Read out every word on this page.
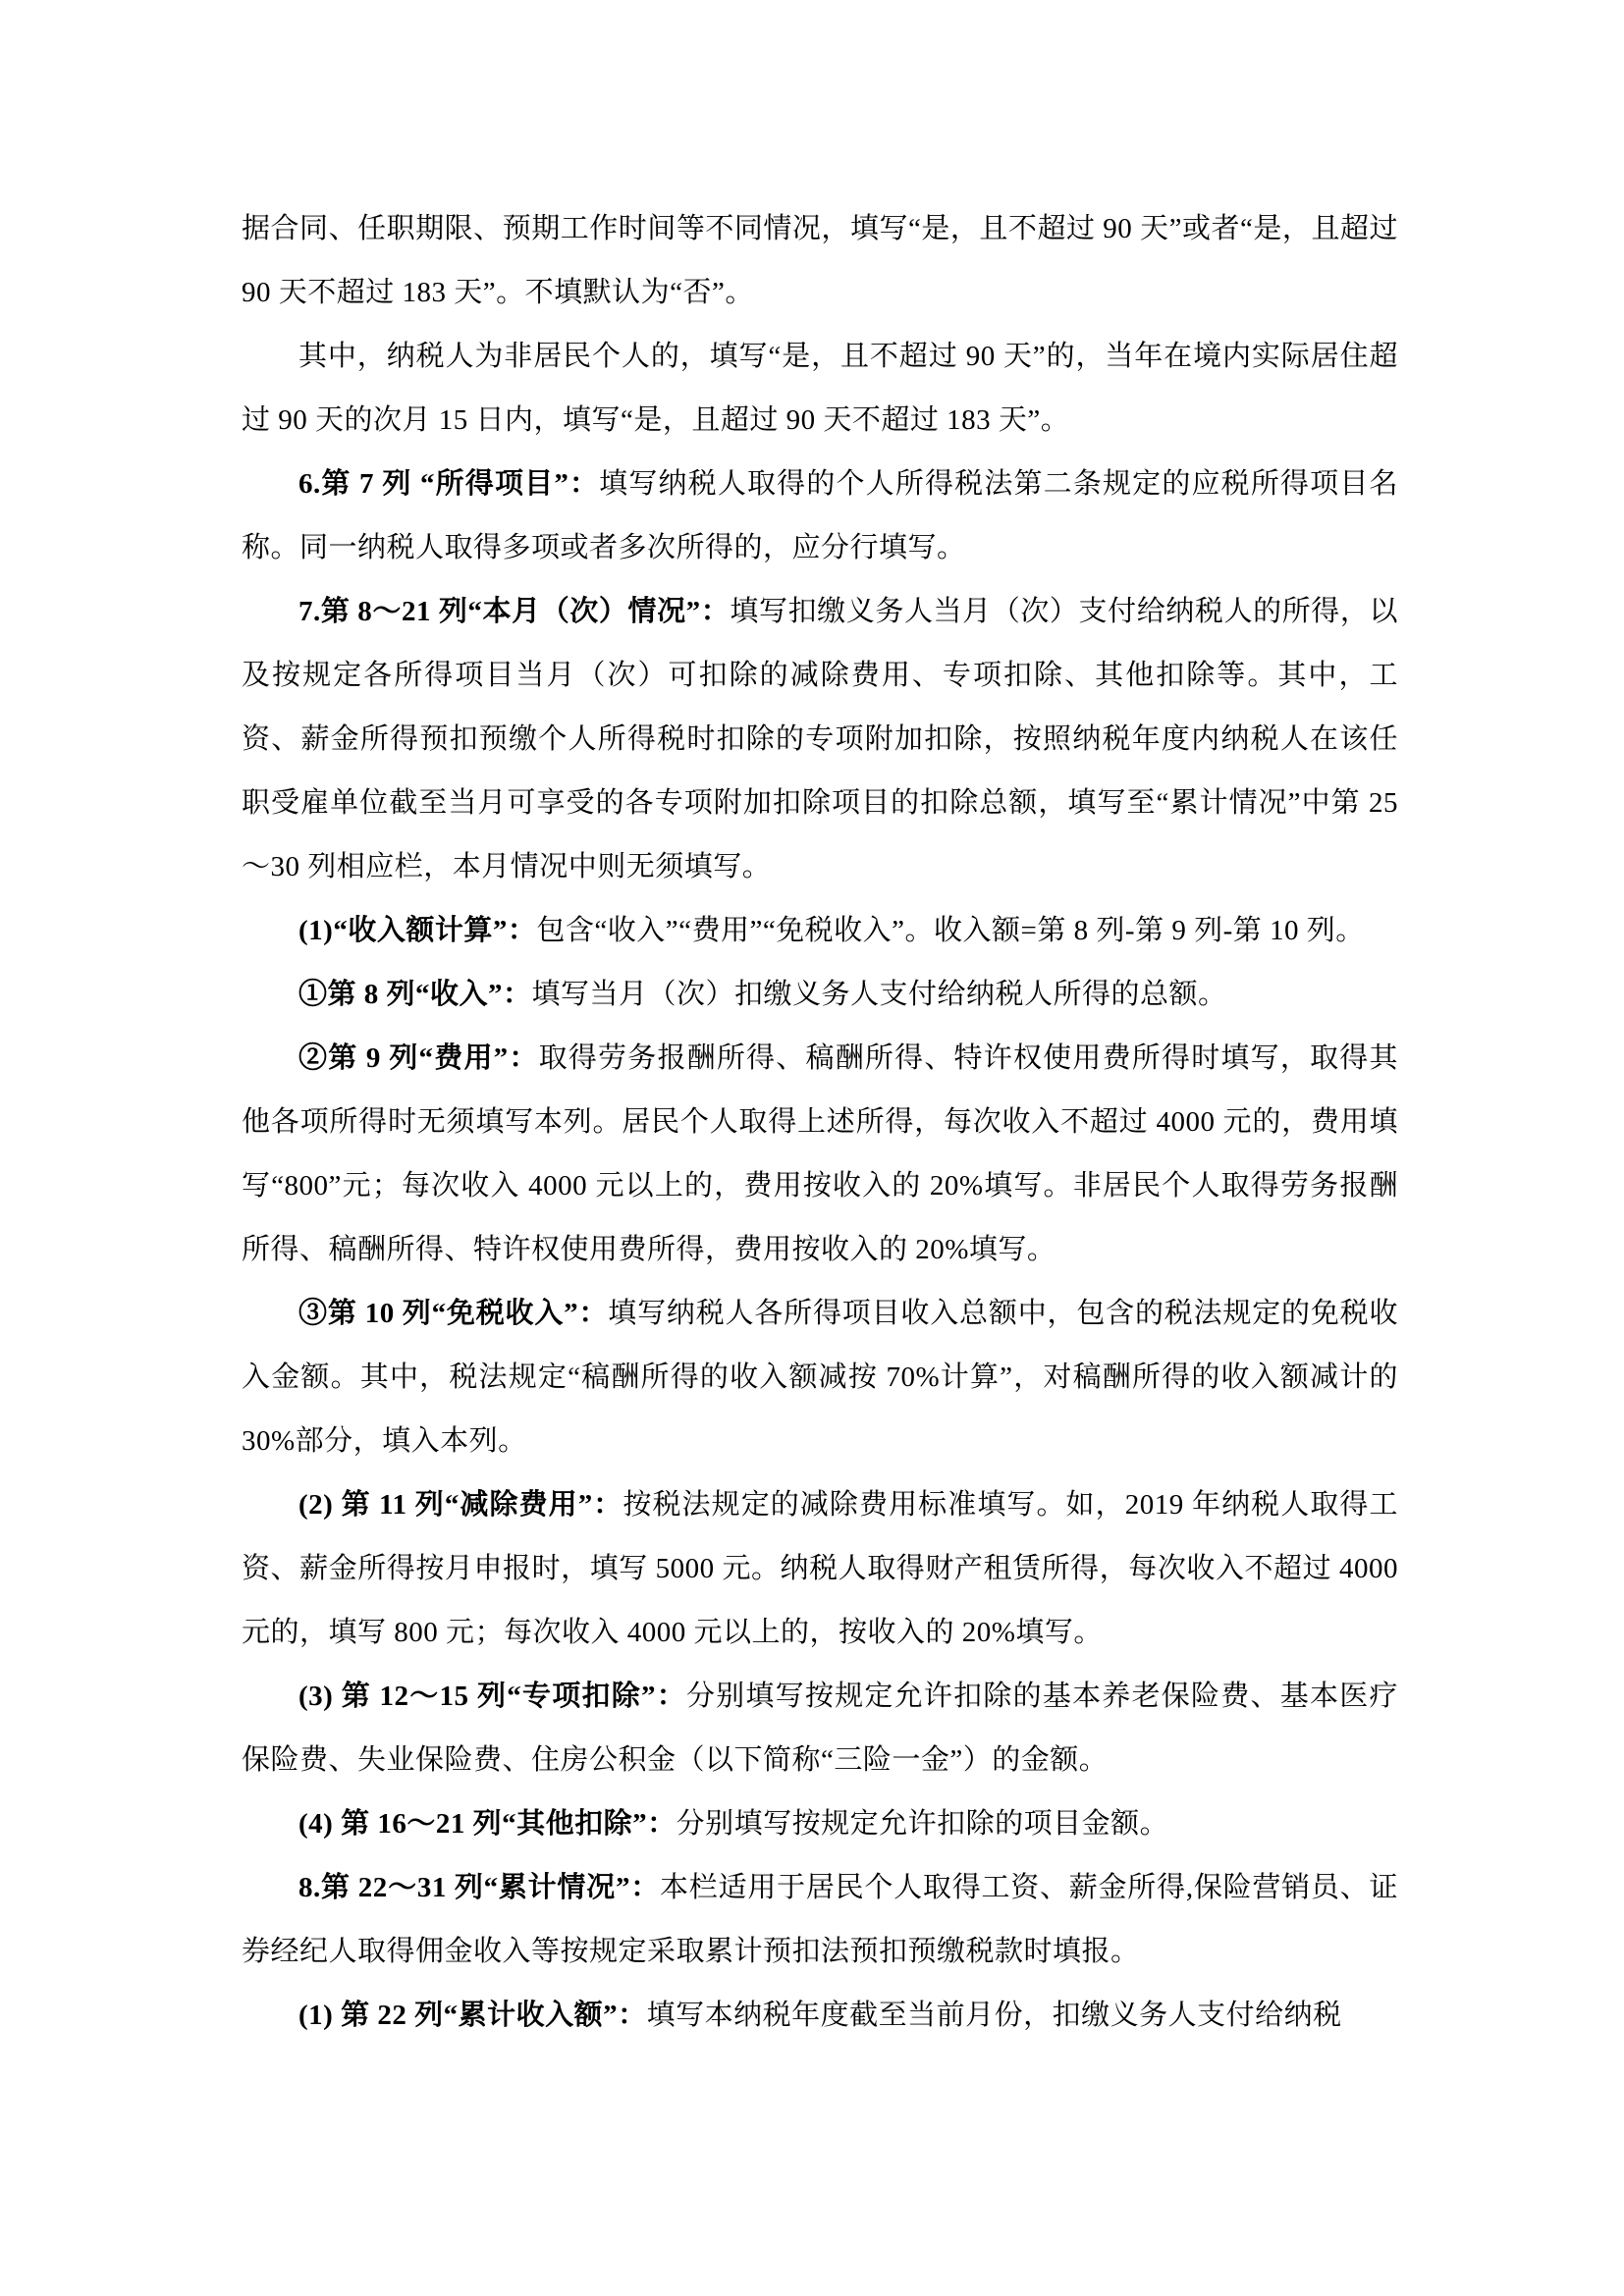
据合同、任职期限、预期工作时间等不同情况，填写“是，且不超过 90 天”或者“是，且超过 90 天不超过 183 天”。不填默认为“否”。

其中，纳税人为非居民个人的，填写“是，且不超过 90 天”的，当年在境内实际居住超过 90 天的次月 15 日内，填写“是，且超过 90 天不超过 183 天”。

6.第 7 列 “所得项目”：填写纳税人取得的个人所得税法第二条规定的应税所得项目名称。同一纳税人取得多项或者多次所得的，应分行填写。

7.第 8～21 列“本月（次）情况”：填写扣缴义务人当月（次）支付给纳税人的所得，以及按规定各所得项目当月（次）可扣除的减除费用、专项扣除、其他扣除等。其中，工资、薪金所得预扣预缴个人所得税时扣除的专项附加扣除，按照纳税年度内纳税人在该任职受雇单位截至当月可享受的各专项附加扣除项目的扣除总额，填写至“累计情况”中第 25～30 列相应栏，本月情况中则无须填写。

(1)“收入额计算”：包含“收入”“费用”“免税收入”。收入额=第 8 列-第 9 列-第 10 列。

①第 8 列“收入”：填写当月（次）扣缴义务人支付给纳税人所得的总额。

②第 9 列“费用”：取得劳务报酬所得、稿酬所得、特许权使用费所得时填写，取得其他各项所得时无须填写本列。居民个人取得上述所得，每次收入不超过 4000 元的，费用填写“800”元；每次收入 4000 元以上的，费用按收入的 20%填写。非居民个人取得劳务报酬所得、稿酬所得、特许权使用费所得，费用按收入的 20%填写。

③第 10 列“免税收入”：填写纳税人各所得项目收入总额中，包含的税法规定的免税收入金额。其中，税法规定“稿酬所得的收入额减按 70%计算”，对稿酬所得的收入额减计的 30%部分，填入本列。

(2) 第 11 列“减除费用”：按税法规定的减除费用标准填写。如，2019 年纳税人取得工资、薪金所得按月申报时，填写 5000 元。纳税人取得财产租赁所得，每次收入不超过 4000 元的，填写 800 元；每次收入 4000 元以上的，按收入的 20%填写。

(3) 第 12～15 列“专项扣除”：分别填写按规定允许扣除的基本养老保险费、基本医疗保险费、失业保险费、住房公积金（以下简称“三险一金”）的金额。

(4) 第 16～21 列“其他扣除”：分别填写按规定允许扣除的项目金额。

8.第 22～31 列“累计情况”：本栏适用于居民个人取得工资、薪金所得,保险营销员、证券经纪人取得佣金收入等按规定采取累计预扣法预扣预缴税款时填报。

(1) 第 22 列“累计收入额”：填写本纳税年度截至当前月份，扣缴义务人支付给纳税
